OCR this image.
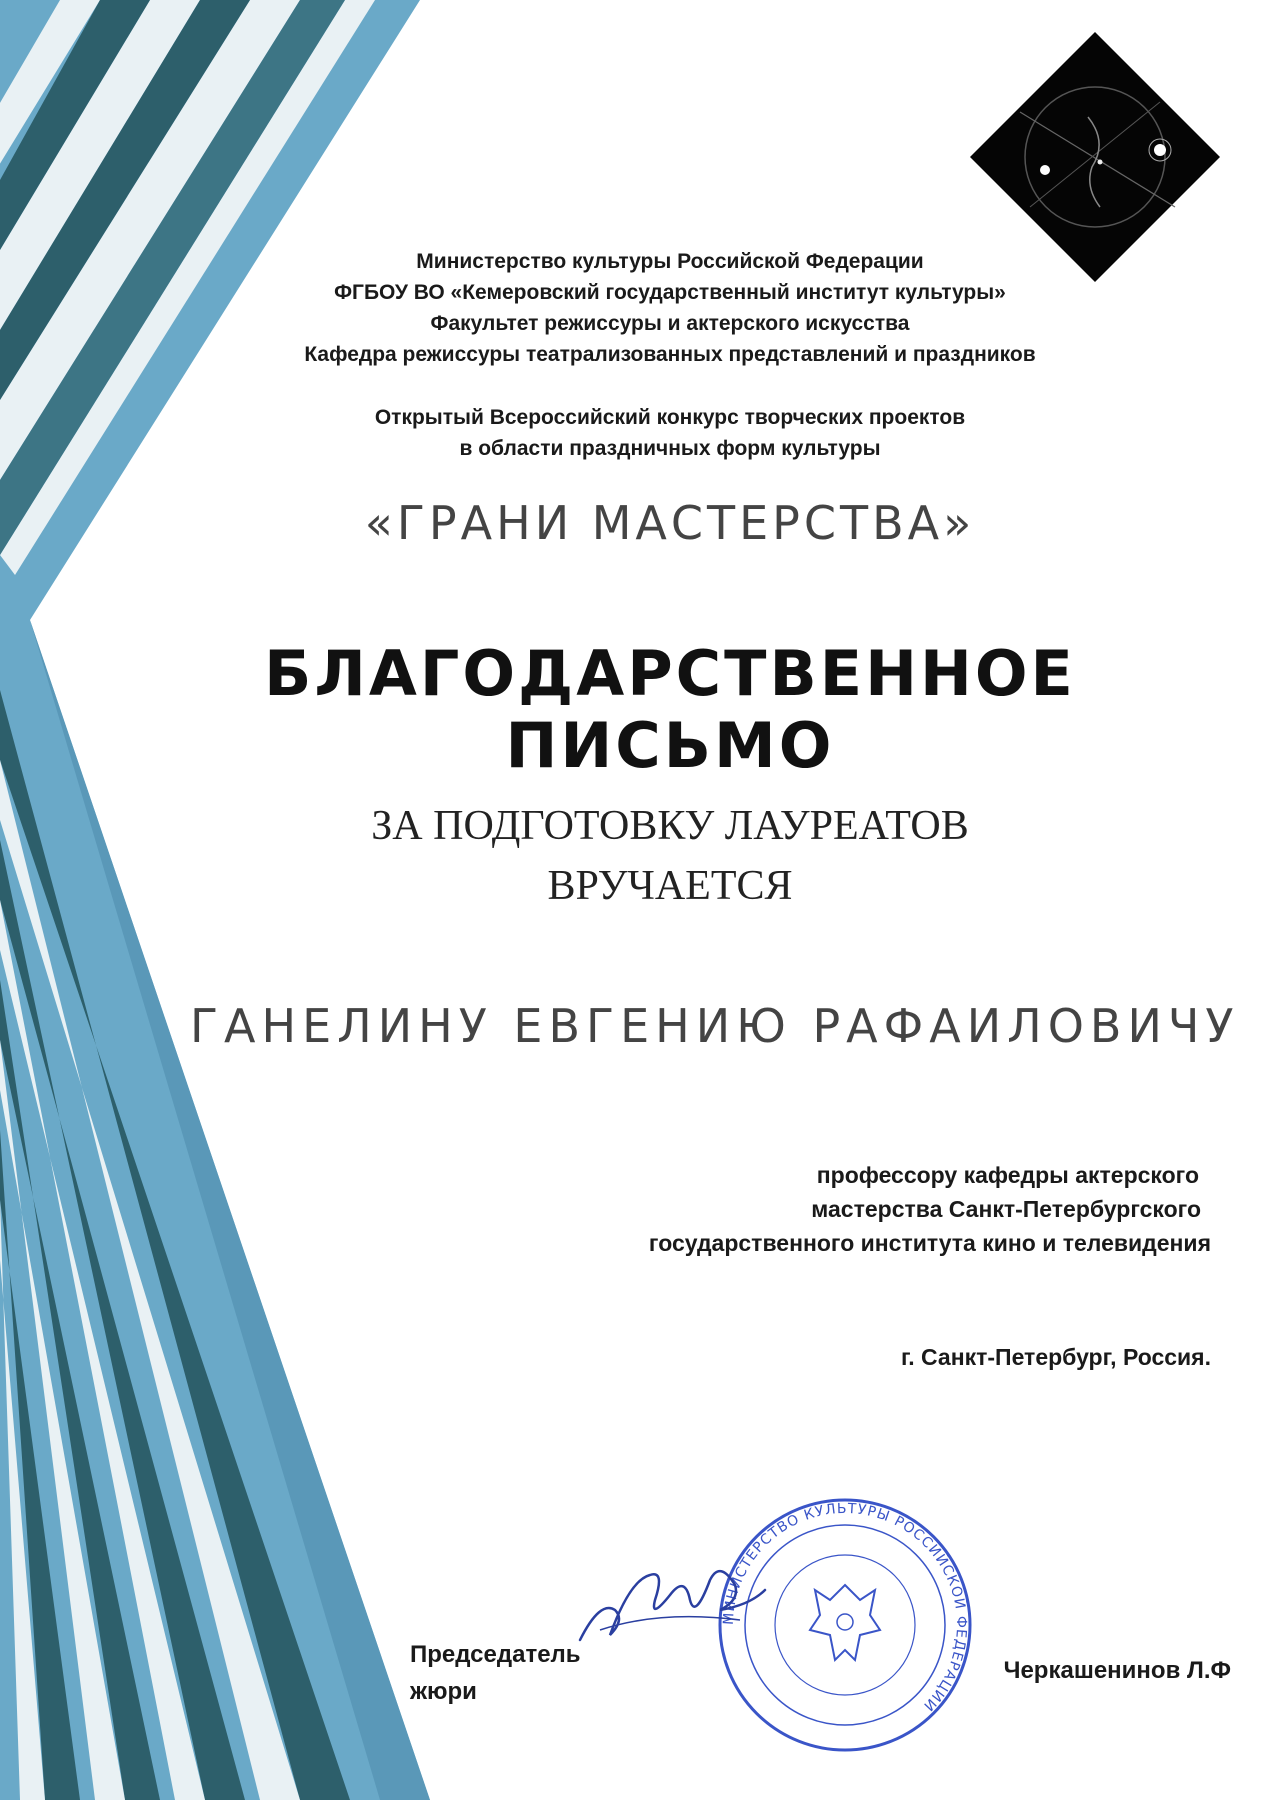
Министерство культуры Российской Федерации
ФГБОУ ВО «Кемеровский государственный институт культуры»
Факультет режиссуры и актерского искусства
Кафедра режиссуры театрализованных представлений и праздников
Открытый Всероссийский конкурс творческих проектов
в области праздничных форм культуры
«ГРАНИ МАСТЕРСТВА»
БЛАГОДАРСТВЕННОЕ ПИСЬМО
ЗА ПОДГОТОВКУ ЛАУРЕАТОВ
ВРУЧАЕТСЯ
ГАНЕЛИНУ ЕВГЕНИЮ РАФАИЛОВИЧУ
профессору кафедры актерского
мастерства Санкт-Петербургского
государственного института кино и телевидения
г. Санкт-Петербург, Россия.
МИНИСТЕРСТВО КУЛЬТУРЫ РОССИЙСКОЙ ФЕДЕРАЦИИ
Председатель
жюри
Черкашенинов Л.Ф
